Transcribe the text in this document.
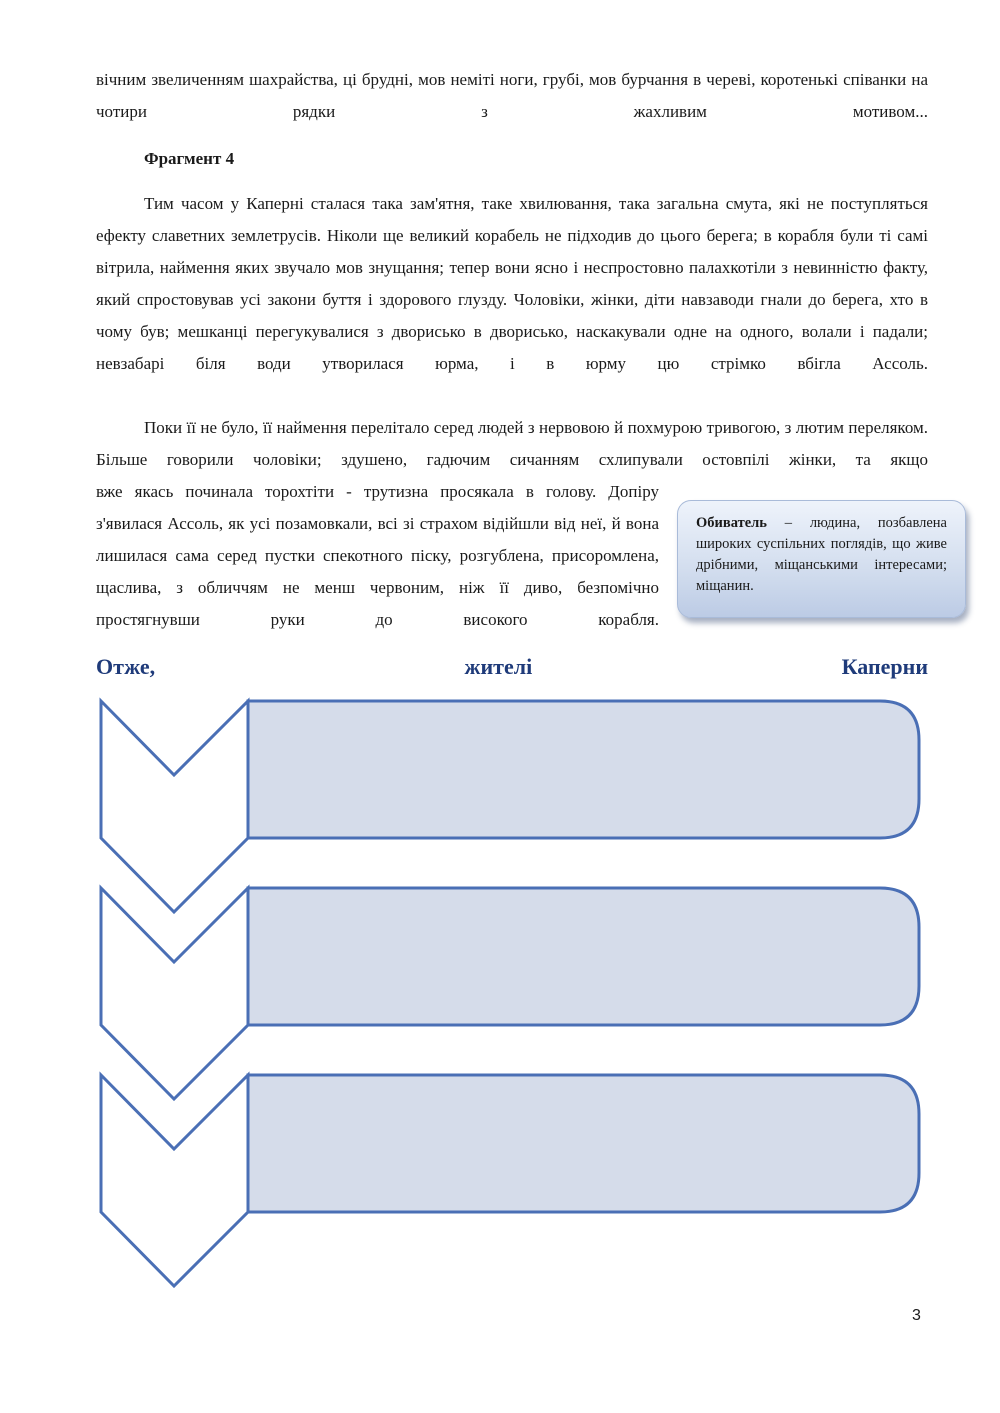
вічним звеличенням шахрайства, ці брудні, мов неміті ноги, грубі, мов бурчання в череві, коротенькі співанки на чотири рядки з жахливим мотивом...

Фрагмент 4

Тим часом у Каперні сталася така зам'ятня, таке хвилювання, така загальна смута, які не поступляться ефекту славетних землетрусів. Ніколи ще великий корабель не підходив до цього берега; в корабля були ті самі вітрила, наймення яких звучало мов знущання; тепер вони ясно і неспростовно палахкотіли з невинністю факту, який спростовував усі закони буття і здорового глузду. Чоловіки, жінки, діти навзаводи гнали до берега, хто в чому був; мешканці перегукувалися з дворисько в дворисько, наскакували одне на одного, волали і падали; невзабарі біля води утворилася юрма, і в юрму цю стрімко вбігла Ассоль.

Поки її не було, її наймення перелітало серед людей з нервовою й похмурою тривогою, з лютим переляком. Більше говорили чоловіки; здушено, гадючим сичанням схлипували остовпілі жінки, та якщо

вже якась починала торохтіти - трутизна просякала в голову. Допіру з'явилася Ассоль, як усі позамовкали, всі зі страхом відійшли від неї, й вона лишилася сама серед пустки спекотного піску, розгублена, присоромлена, щаслива, з обличчям не менш червоним, ніж її диво, безпомічно простягнувши руки до високого корабля.

Обиватель – людина, позбавлена широких суспільних поглядів, що живе дрібними, міщанськими інтересами; міщанин.
Отже,	жителі	Каперни
3
